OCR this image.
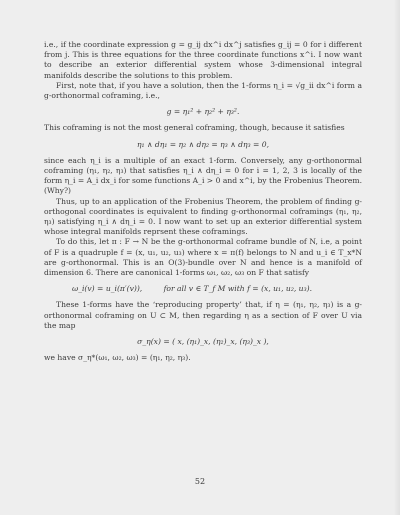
i.e., if the coordinate expression g = g_ij dx^i dx^j satisfies g_ij = 0 for i different from j. This is three equations for the three coordinate functions x^i. I now want to describe an exterior differential system whose 3-dimensional integral manifolds describe the solutions to this problem.

First, note that, if you have a solution, then the 1-forms η_i = √g_ii dx^i form a g-orthonormal coframing, i.e.,

g = η₁² + η₂² + η₃².

This coframing is not the most general coframing, though, because it satisfies

η₁ ∧ dη₁ = η₂ ∧ dη₂ = η₃ ∧ dη₃ = 0,

since each η_i is a multiple of an exact 1-form. Conversely, any g-orthonormal coframing (η₁, η₂, η₃) that satisfies η_i ∧ dη_i = 0 for i = 1, 2, 3 is locally of the form η_i = A_i dx_i for some functions A_i > 0 and x^i, by the Frobenius Theorem. (Why?)

Thus, up to an application of the Frobenius Theorem, the problem of finding g-orthogonal coordinates is equivalent to finding g-orthonormal coframings (η₁, η₂, η₃) satisfying η_i ∧ dη_i = 0. I now want to set up an exterior differential system whose integral manifolds reprsent these coframings.

To do this, let π : F → N be the g-orthonormal coframe bundle of N, i.e, a point of F is a quadruple f = (x, u₁, u₂, u₃) where x = π(f) belongs to N and u_i ∈ T_x*N are g-orthonormal. This is an O(3)-bundle over N and hence is a manifold of dimension 6. There are canonical 1-forms ω₁, ω₂, ω₃ on F that satisfy

ω_i(v) = u_i(π′(v)),	for all v ∈ T_f M with f = (x, u₁, u₂, u₃).

These 1-forms have the ‘reproducing property’ that, if η = (η₁, η₂, η₃) is a g-orthonormal coframing on U ⊂ M, then regarding η as a section of F over U via the map

σ_η(x) = ( x, (η₁)_x, (η₂)_x, (η₃)_x ),

we have σ_η*(ω₁, ω₂, ω₃) = (η₁, η₂, η₃).

52
